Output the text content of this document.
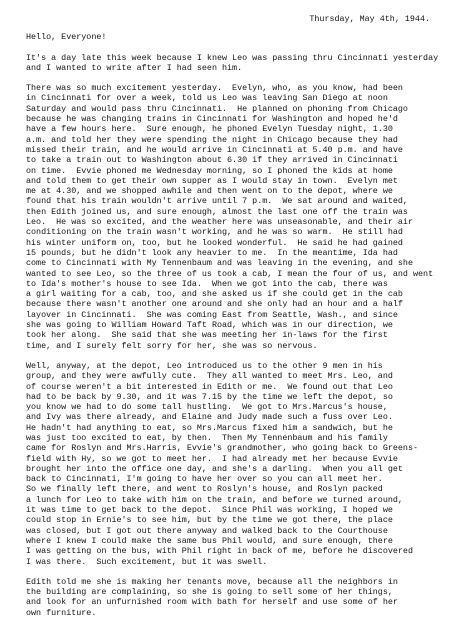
Thursday, May 4th, 1944.
Hello, Everyone!
It's a day late this week because I knew Leo was passing thru Cincinnati yesterday
and I wanted to write after I had seen him.
There was so much excitement yesterday.  Evelyn, who, as you know, had been
in Cincinnati for over a week, told us Leo was leaving San Diego at noon
Saturday and would pass thru Cincinnati.  He planned on phoning from Chicago
because he was changing trains in Cincinnati for Washington and hoped he'd
have a few hours here.  Sure enough, he phoned Evelyn Tuesday night, 1.30
a.m. and told her they were spending the night in Chicago because they had
missed their train, and he would arrive in Cincinnati at 5.40 p.m. and have
to take a train out to Washington about 6.30 if they arrived in Cincinnati
on time.  Evvie phoned me Wednesday morning, so I phoned the kids at home
and told them to get their own supper as I would stay in town.  Evelyn met
me at 4.30, and we shopped awhile and then went on to the depot, where we
found that his train wouldn't arrive until 7 p.m.  We sat around and waited,
then Edith joined us, and sure enough, almost the last one off the train was
Leo.  He was so excited, and the weather here was unseasonable, and their air
conditioning on the train wasn't working, and he was so warm.  He still had
his winter uniform on, too, but he looked wonderful.  He said he had gained
15 pounds, but he didn't look any heavier to me.  In the meantime, Ida had
come to Cincinnati with My Tennenbaum and was leaving in the evening, and she
wanted to see Leo, so the three of us took a cab, I mean the four of us, and went
to Ida's mother's house to see Ida.  When we got into the cab, there was
a girl waiting for a cab, too, and she asked us if she could get in the cab
because there wasn't another one around and she only had an hour and a half
layover in Cincinnati.  She was coming East from Seattle, Wash., and since
she was going to William Howard Taft Road, which was in our direction, we
took her along.  She said that she was meeting her in-laws for the first
time, and I surely felt sorry for her, she was so nervous.
Well, anyway, at the depot, Leo introduced us to the other 9 men in his
group, and they were awfully cute.  They all wanted to meet Mrs. Leo, and
of course weren't a bit interested in Edith or me.  We found out that Leo
had to be back by 9.30, and it was 7.15 by the time we left the depot, so
you know we had to do some tall hustling.  We got to Mrs.Marcus's house,
and Ivy was there already, and Elaine and Judy made such a fuss over Leo.
He hadn't had anything to eat, so Mrs.Marcus fixed him a sandwich, but he
was just too excited to eat, by then.  Then My Tennenbaum and his family
came for Roslyn and Mrs.Harris, Evvie's grandmother, who going back to Greens-
field with Hy, so we got to meet her.  I had already met her because Evvie
brought her into the office one day, and she's a darling.  When you all get
back to Cincinnati, I'm going to have her over so you can all meet her.
So we finally left there, and went to Roslyn's house, and Roslyn packed
a lunch for Leo to take with him on the train, and before we turned around,
it was time to get back to the depot.  Since Phil was working, I hoped we
could stop in Ernie's to see him, but by the time we got there, the place
was closed, but I got out there anyway and walked back to the Courthouse
where I knew I could make the same bus Phil would, and sure enough, there
I was getting on the bus, with Phil right in back of me, before he discovered
I was there.  Such excitement, but it was swell.
Edith told me she is making her tenants move, because all the neighbors in
the building are complaining, so she is going to sell some of her things,
and look for an unfurnished room with bath for herself and use some of her
own furniture.
